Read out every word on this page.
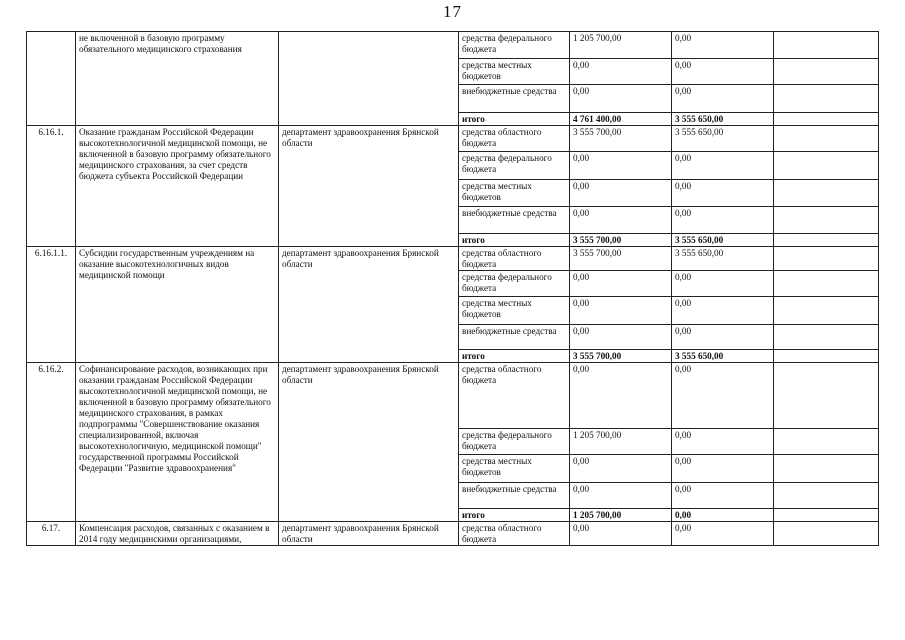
17
	не включенной в базовую программу обязательного медицинского страхования		средства федерального бюджета	1 205 700,00	0,00	
			средства местных бюджетов	0,00	0,00	
			внебюджетные средства	0,00	0,00	
			итого	4 761 400,00	3 555 650,00	
6.16.1.	Оказание гражданам Российской Федерации высокотехнологичной медицинской помощи, не включенной в базовую программу обязательного медицинского страхования, за счет средств бюджета субъекта Российской Федерации	департамент здравоохранения Брянской области	средства областного бюджета	3 555 700,00	3 555 650,00	
			средства федерального бюджета	0,00	0,00	
			средства местных бюджетов	0,00	0,00	
			внебюджетные средства	0,00	0,00	
			итого	3 555 700,00	3 555 650,00	
6.16.1.1.	Субсидии государственным учреждениям на оказание высокотехнологичных видов медицинской помощи	департамент здравоохранения Брянской области	средства областного бюджета	3 555 700,00	3 555 650,00	
			средства федерального бюджета	0,00	0,00	
			средства местных бюджетов	0,00	0,00	
			внебюджетные средства	0,00	0,00	
			итого	3 555 700,00	3 555 650,00	
6.16.2.	Софинансирование расходов, возникающих при оказании гражданам Российской Федерации высокотехнологичной медицинской помощи, не включенной в базовую программу обязательного медицинского страхования, в рамках подпрограммы "Совершенствование оказания специализированной, включая высокотехнологичную, медицинской помощи" государственной программы Российской Федерации "Развитие здравоохранения"	департамент здравоохранения Брянской области	средства областного бюджета	0,00	0,00	
			средства федерального бюджета	1 205 700,00	0,00	
			средства местных бюджетов	0,00	0,00	
			внебюджетные средства	0,00	0,00	
			итого	1 205 700,00	0,00	
6.17.	Компенсация расходов, связанных с оказанием в 2014 году медицинскими организациями,	департамент здравоохранения Брянской области	средства областного бюджета	0,00	0,00	
